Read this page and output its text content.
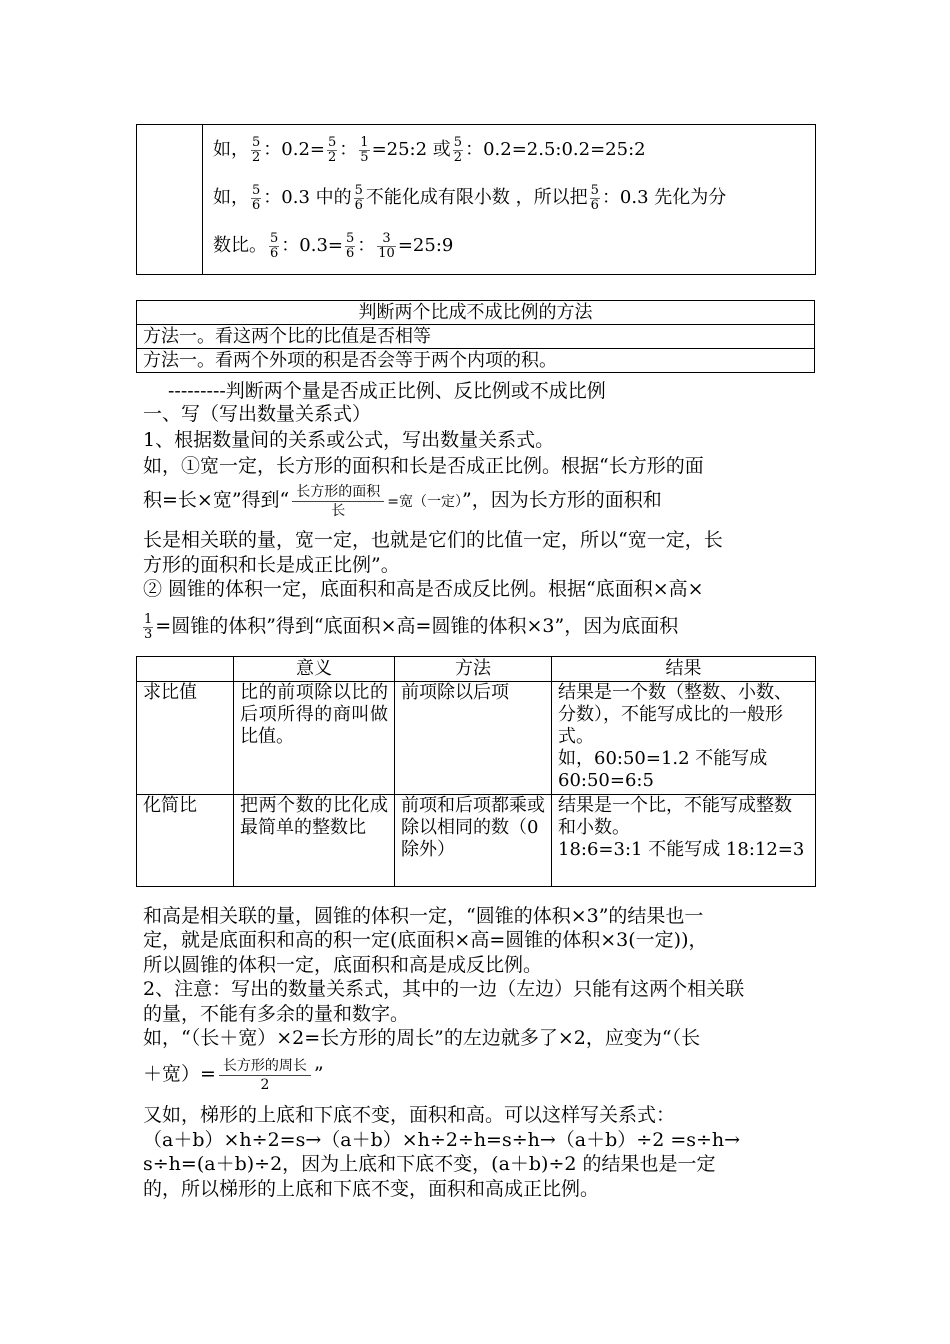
如， $\frac{5}{2}$ ：$0.2= \frac{5}{2}$ ： $\frac{1}{5}$ =25:2 或 $\frac{5}{2}$ ：0.2=2.5:0.2=25:2
如， $\frac{5}{6}$ ：0.3 中的 $\frac{5}{6}$ 不能化成有限小数 ，所以把 $\frac{5}{6}$ ：0.3 先化为分
数比。 $\frac{5}{6}$ ：$0.3= \frac{5}{6}$ ： $\frac{3}{10}$ =25:9
判断两个比成不成比例的方法
方法一。看这两个比的比值是否相等
方法一。看两个外项的积是否会等于两个内项的积。
---------判断两个量是否成正比例、反比例或不成比例
一、写（写出数量关系式）
1、根据数量间的关系或公式，写出数量关系式。
如，①宽一定，长方形的面积和长是否成正比例。根据“长方形的面
积=长×宽”得到“ 长方形的面积
长
=宽（一定）”，因为长方形的面积和
长是相关联的量，宽一定，也就是它们的比值一定，所以“宽一定，长
方形的面积和长是成正比例”。
② 圆锥的体积一定，底面积和高是否成反比例。根据“底面积×高×
$\frac{1}{3}$ =圆锥的体积”得到“底面积×高=圆锥的体积×3”，因为底面积
	意义	方法	结果
求比值	比的前项除以比的后项所得的商叫做比值。	前项除以后项	结果是一个数（整数、小数、分数），不能写成比的一般形式。
如，60:50=1.2 不能写成 60:50=6:5

化简比	把两个数的比化成最简单的整数比	前项和后项都乘或除以相同的数（0 除外）	结果是一个比，不能写成整数和小数。
18:6=3:1 不能写成 18:12=3
和高是相关联的量，圆锥的体积一定，“圆锥的体积×3”的结果也一
定，就是底面积和高的积一定(底面积×高=圆锥的体积×3(一定))，
所以圆锥的体积一定，底面积和高是成反比例。
2、注意：写出的数量关系式，其中的一边（左边）只能有这两个相关联
的量，不能有多余的量和数字。
如，“（长＋宽）×2=长方形的周长”的左边就多了×2，应变为“（长
＋宽）= 长方形的周长
2	”
又如，梯形的上底和下底不变，面积和高。可以这样写关系式：
（a＋b）×h÷2=s→（a＋b）×h÷2÷h=s÷h→（a＋b）÷2 =s÷h→
s÷h=(a＋b)÷2，因为上底和下底不变，(a＋b)÷2 的结果也是一定
的，所以梯形的上底和下底不变，面积和高成正比例。
